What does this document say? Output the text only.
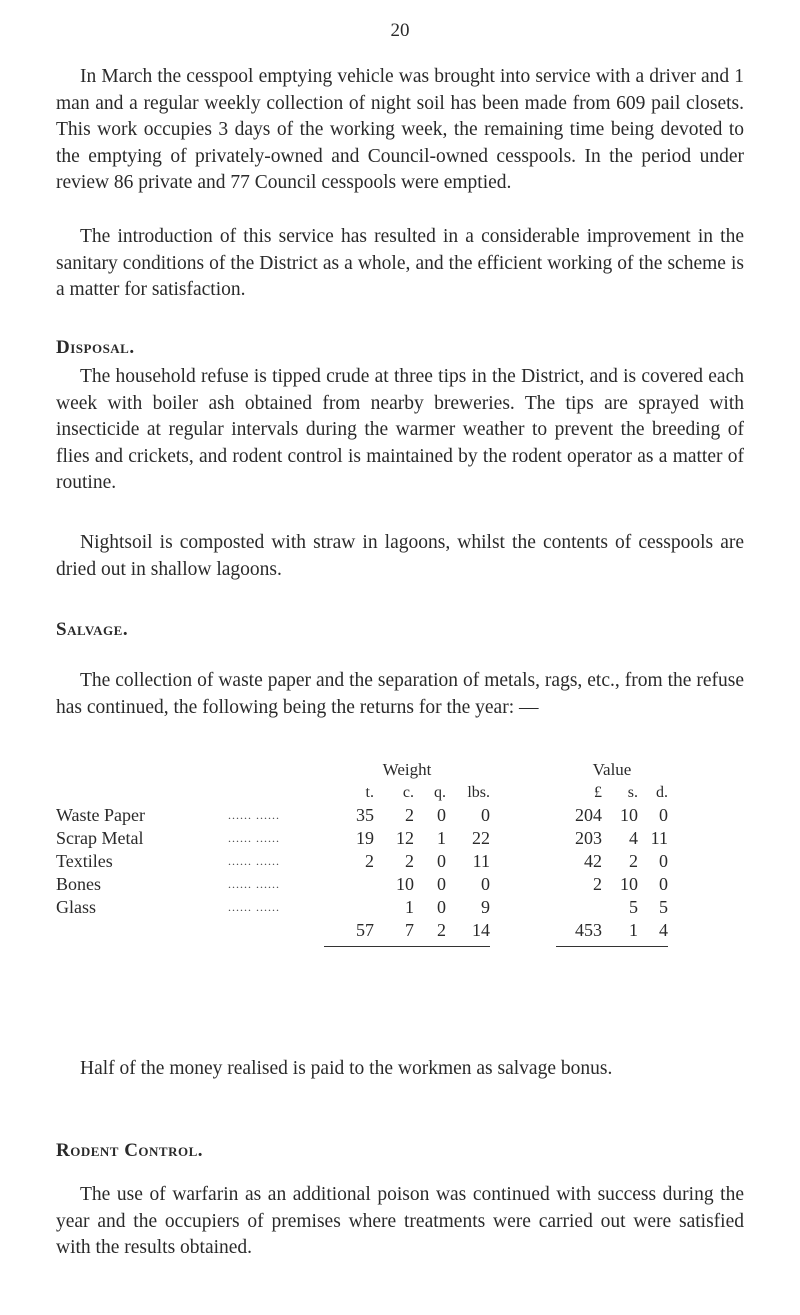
20

In March the cesspool emptying vehicle was brought into service with a driver and 1 man and a regular weekly collection of night soil has been made from 609 pail closets. This work occupies 3 days of the working week, the remaining time being devoted to the emptying of privately-owned and Council-owned cesspools. In the period under review 86 private and 77 Council cesspools were emptied.

The introduction of this service has resulted in a considerable improvement in the sanitary conditions of the District as a whole, and the efficient working of the scheme is a matter for satisfaction.

Disposal.

The household refuse is tipped crude at three tips in the District, and is covered each week with boiler ash obtained from nearby breweries. The tips are sprayed with insecticide at regular intervals during the warmer weather to prevent the breeding of flies and crickets, and rodent control is maintained by the rodent operator as a matter of routine.

Nightsoil is composted with straw in lagoons, whilst the contents of cesspools are dried out in shallow lagoons.

Salvage.

The collection of waste paper and the separation of metals, rags, etc., from the refuse has continued, the following being the returns for the year: —

		Weight					Value			
		t.	c.	q.	lbs.		£	s.	d.	
Waste Paper	...... ......	35	2	0	0		204	10	0	
Scrap Metal	...... ......	19	12	1	22		203	4	11	
Textiles	...... ......	2	2	0	11		42	2	0	
Bones	...... ......		10	0	0		2	10	0	
Glass	...... ......		1	0	9			5	5	
		57	7	2	14		453	1	4	

Half of the money realised is paid to the workmen as salvage bonus.

Rodent Control.

The use of warfarin as an additional poison was continued with success during the year and the occupiers of premises where treatments were carried out were satisfied with the results obtained.
